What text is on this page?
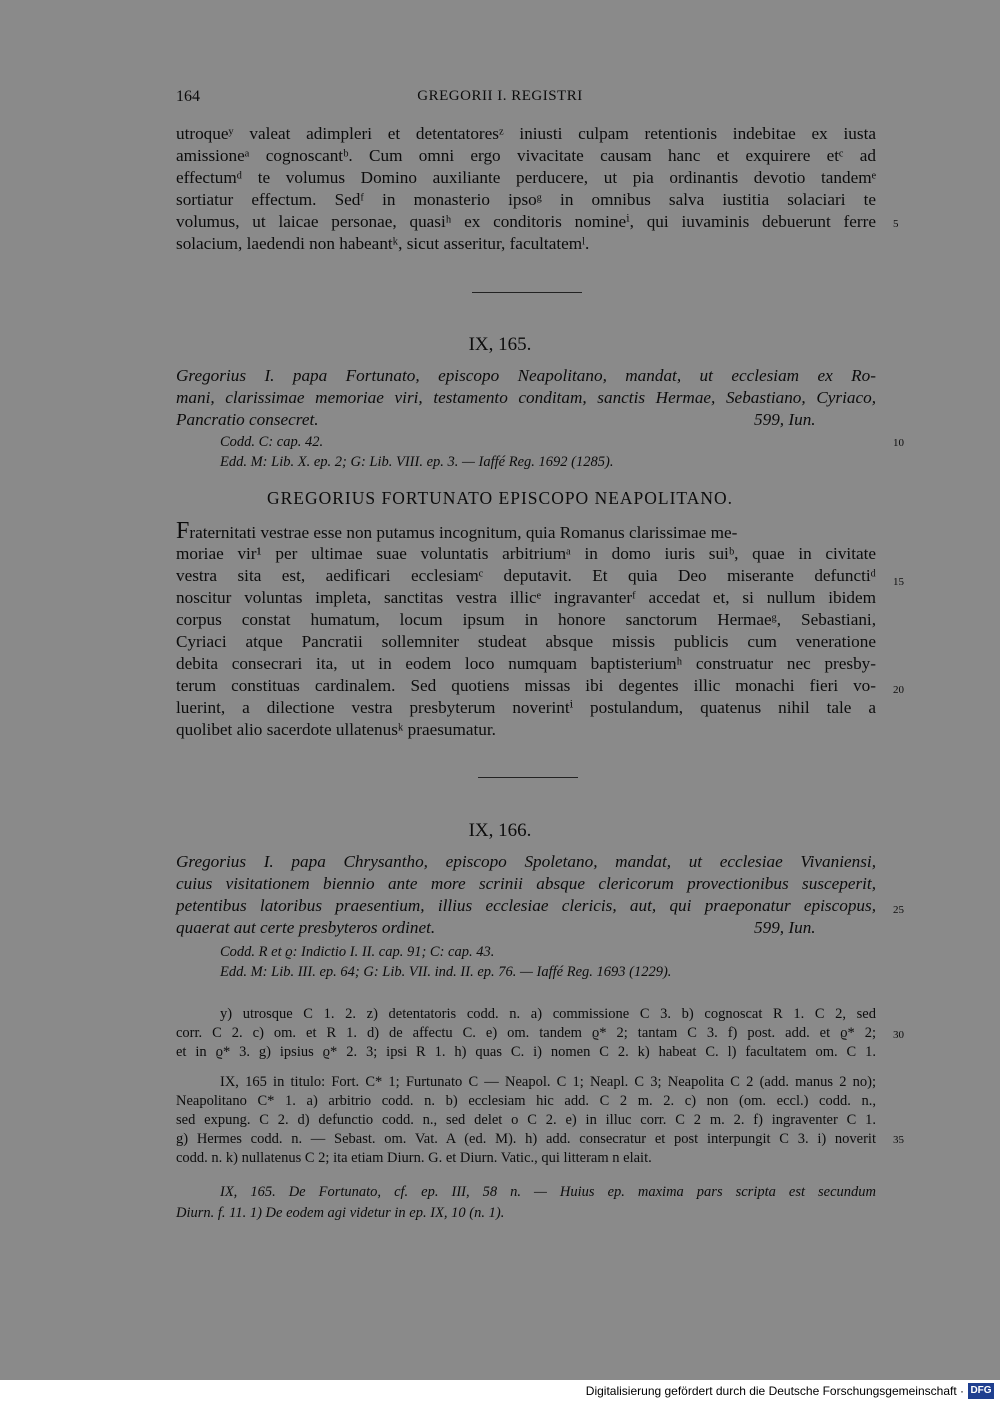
164	GREGORII I. REGISTRI
utroqueʸ valeat adimpleri et detentatoresᶻ iniusti culpam retentionis indebitae ex iusta
amissioneᵃ cognoscantᵇ. Cum omni ergo vivacitate causam hanc et exquirere etᶜ ad
effectumᵈ te volumus Domino auxiliante perducere, ut pia ordinantis devotio tandemᵉ
sortiatur effectum. Sedᶠ in monasterio ipsoᵍ in omnibus salva iustitia solaciari te
volumus, ut laicae personae, quasiʰ ex conditoris nomineⁱ, qui iuvaminis debuerunt ferre
solacium, laedendi non habeantᵏ, sicut asseritur, facultatemˡ.
5
IX, 165.
Gregorius I. papa Fortunato, episcopo Neapolitano, mandat, ut ecclesiam ex Ro-
mani, clarissimae memoriae viri, testamento conditam, sanctis Hermae, Sebastiano, Cyriaco,
Pancratio consecret.	599, Iun.
Codd. C: cap. 42.
Edd. M: Lib. X. ep. 2; G: Lib. VIII. ep. 3. — Iaffé Reg. 1692 (1285).
10
GREGORIUS FORTUNATO EPISCOPO NEAPOLITANO.
Fraternitati vestrae esse non putamus incognitum, quia Romanus clarissimae me-
moriae vir¹ per ultimae suae voluntatis arbitriumᵃ in domo iuris suiᵇ, quae in civitate
vestra sita est, aedificari ecclesiamᶜ deputavit. Et quia Deo miserante defunctiᵈ
noscitur voluntas impleta, sanctitas vestra illicᵉ ingravanterᶠ accedat et, si nullum ibidem
corpus constat humatum, locum ipsum in honore sanctorum Hermaeᵍ, Sebastiani,
Cyriaci atque Pancratii sollemniter studeat absque missis publicis cum veneratione
debita consecrari ita, ut in eodem loco numquam baptisteriumʰ construatur nec presby-
terum constituas cardinalem. Sed quotiens missas ibi degentes illic monachi fieri vo-
luerint, a dilectione vestra presbyterum noverintⁱ postulandum, quatenus nihil tale a
quolibet alio sacerdote ullatenusᵏ praesumatur.
15
20
IX, 166.
Gregorius I. papa Chrysantho, episcopo Spoletano, mandat, ut ecclesiae Vivaniensi,
cuius visitationem biennio ante more scrinii absque clericorum provectionibus susceperit,
petentibus latoribus praesentium, illius ecclesiae clericis, aut, qui praeponatur episcopus,
quaerat aut certe presbyteros ordinet.	599, Iun.
25
Codd. R et ϱ: Indictio I. II. cap. 91; C: cap. 43.
Edd. M: Lib. III. ep. 64; G: Lib. VII. ind. II. ep. 76. — Iaffé Reg. 1693 (1229).
y) utrosque C 1. 2. z) detentatoris codd. n. a) commissione C 3. b) cognoscat R 1. C 2, sed
corr. C 2. c) om. et R 1. d) de affectu C. e) om. tandem ϱ* 2; tantam C 3. f) post. add. et ϱ* 2;
et in ϱ* 3. g) ipsius ϱ* 2. 3; ipsi R 1. h) quas C. i) nomen C 2. k) habeat C. l) facultatem om. C 1.
30
IX, 165 in titulo: Fort. C* 1; Furtunato C — Neapol. C 1; Neapl. C 3; Neapolita C 2 (add. manus 2 no);
Neapolitano C* 1. a) arbitrio codd. n. b) ecclesiam hic add. C 2 m. 2. c) non (om. eccl.) codd. n.,
sed expung. C 2. d) defunctio codd. n., sed delet o C 2. e) in illuc corr. C 2 m. 2. f) ingraventer C 1.
g) Hermes codd. n. — Sebast. om. Vat. A (ed. M). h) add. consecratur et post interpungit C 3. i) noverit
codd. n. k) nullatenus C 2; ita etiam Diurn. G. et Diurn. Vatic., qui litteram n elait.
35
IX, 165. De Fortunato, cf. ep. III, 58 n. — Huius ep. maxima pars scripta est secundum
Diurn. f. 11. 1) De eodem agi videtur in ep. IX, 10 (n. 1).
Digitalisierung gefördert durch die Deutsche Forschungsgemeinschaft · DFG
